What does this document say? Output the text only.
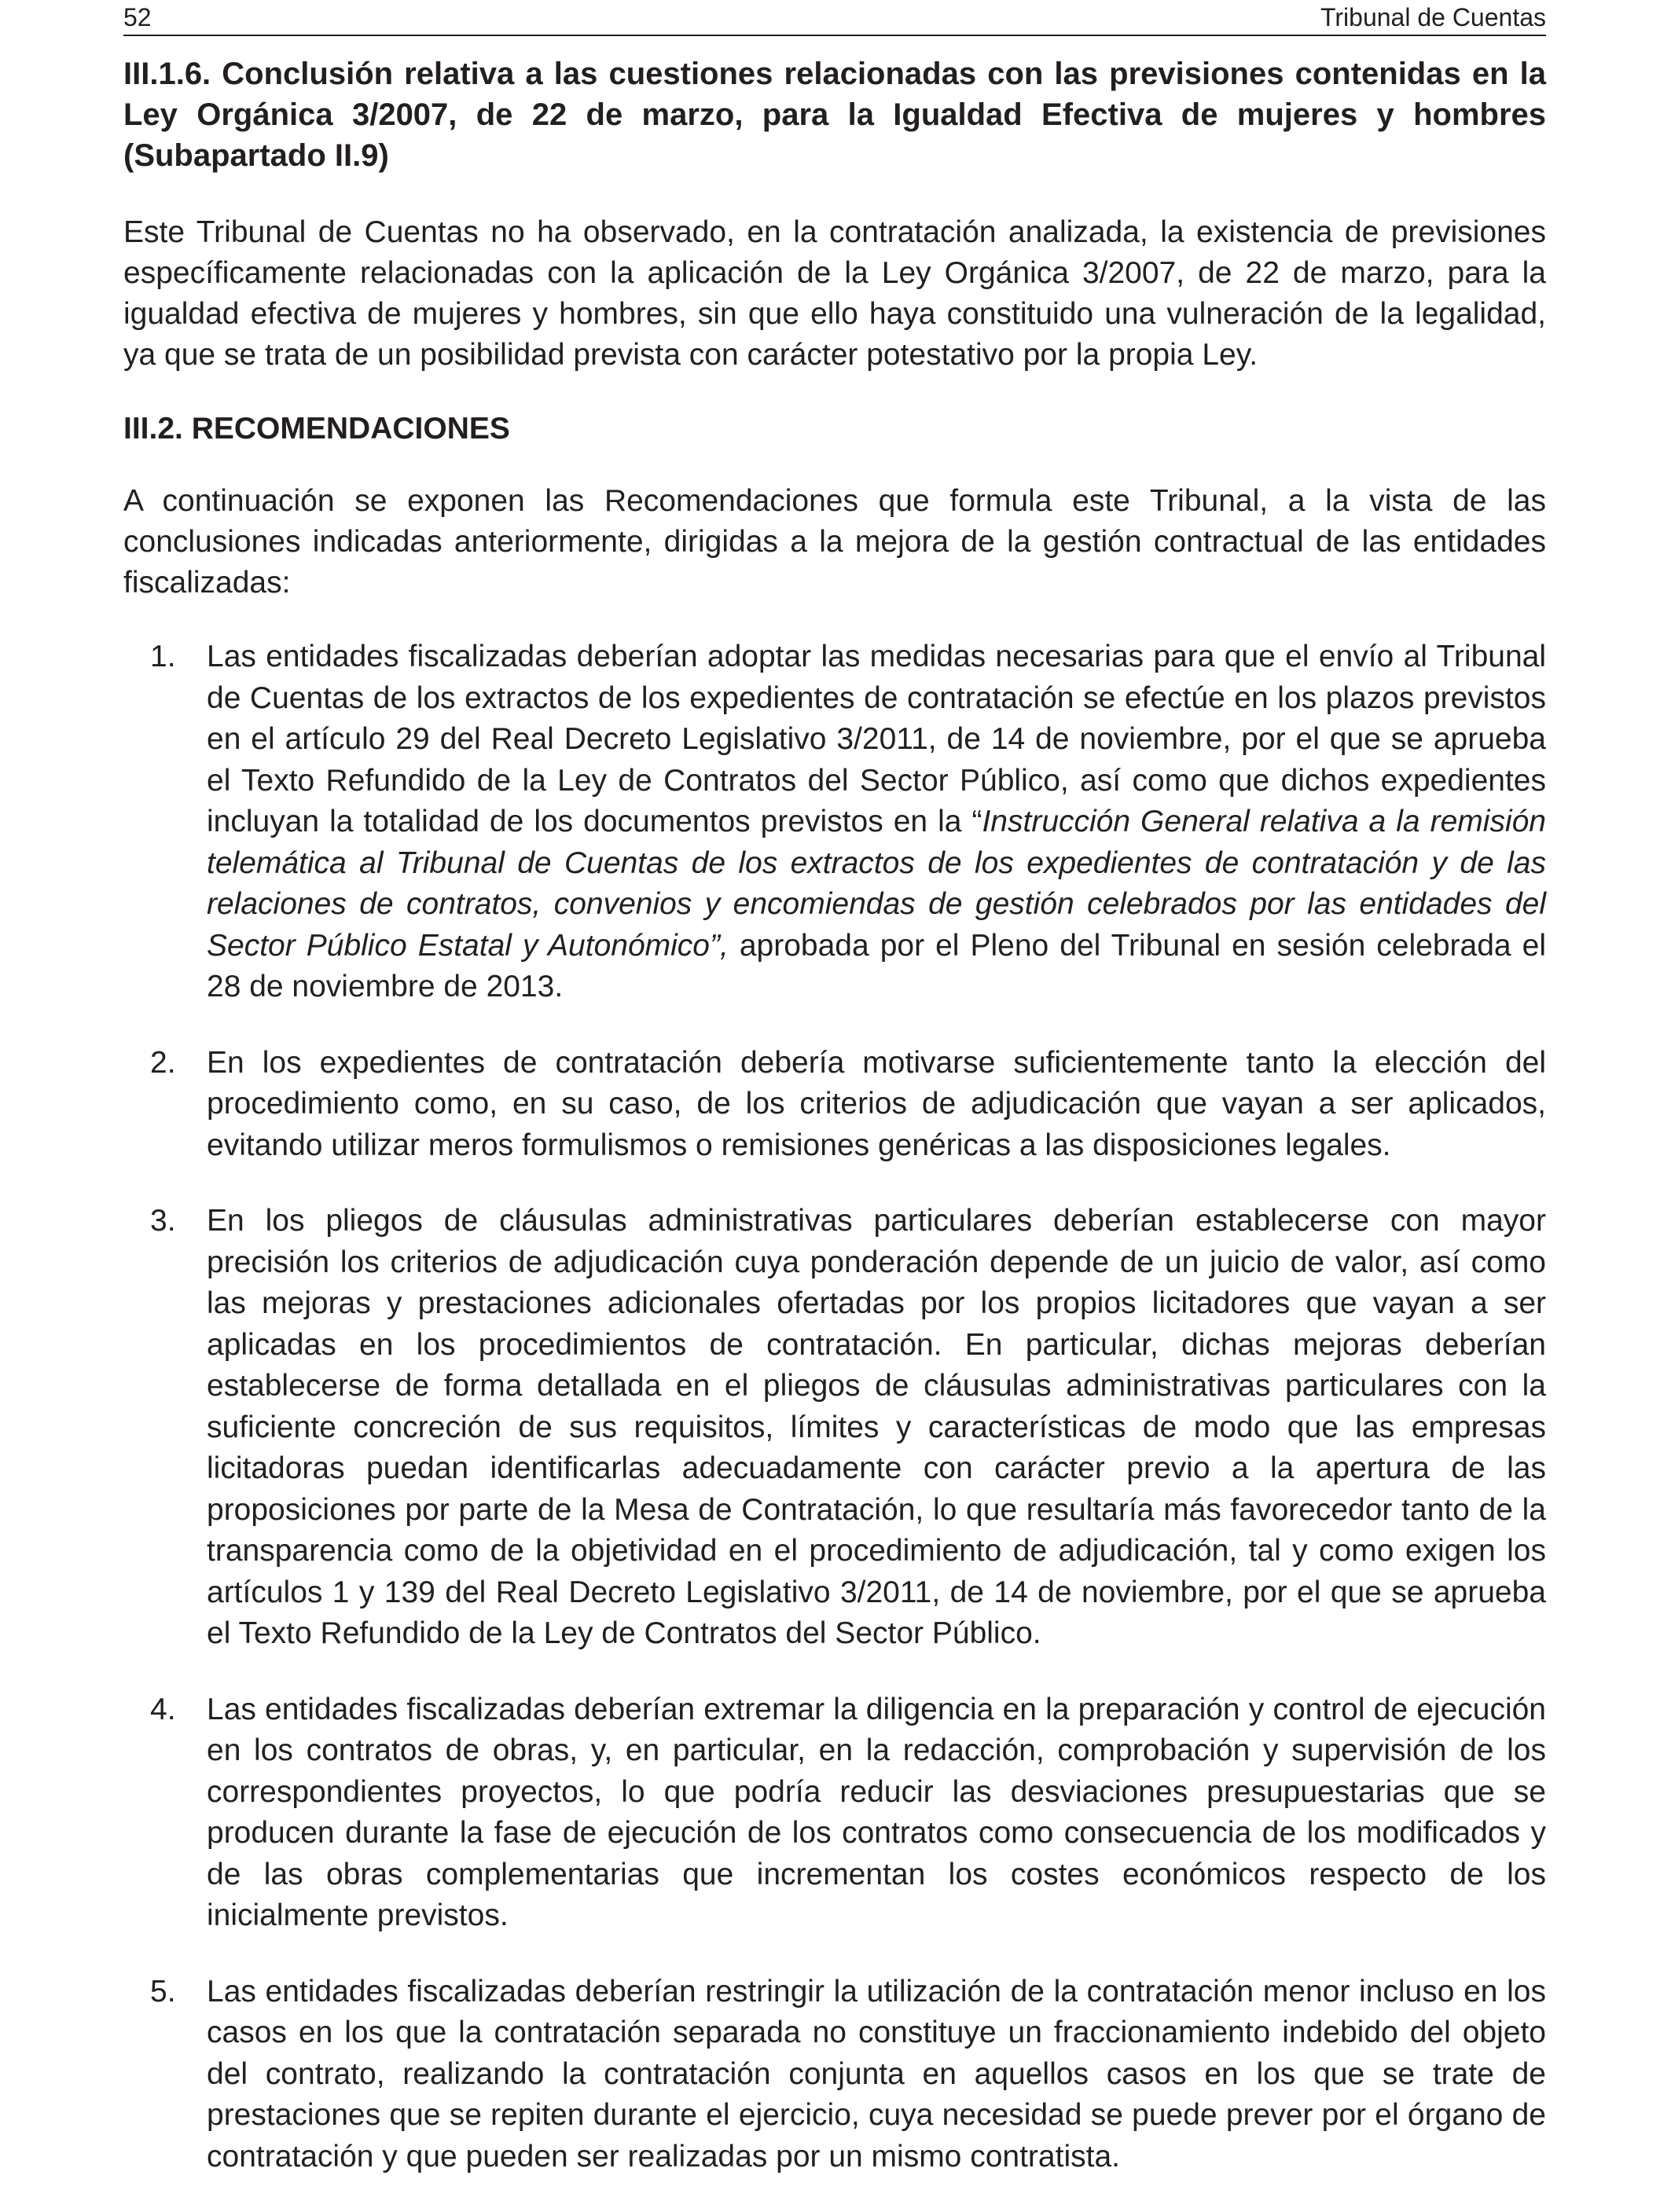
52	Tribunal de Cuentas
III.1.6. Conclusión relativa a las cuestiones relacionadas con las previsiones contenidas en la Ley Orgánica 3/2007, de 22 de marzo, para la Igualdad Efectiva de mujeres y hombres (Subapartado II.9)

Este Tribunal de Cuentas no ha observado, en la contratación analizada, la existencia de previsiones específicamente relacionadas con la aplicación de la Ley Orgánica 3/2007, de 22 de marzo, para la igualdad efectiva de mujeres y hombres, sin que ello haya constituido una vulneración de la legalidad, ya que se trata de un posibilidad prevista con carácter potestativo por la propia Ley.

III.2. RECOMENDACIONES

A continuación se exponen las Recomendaciones que formula este Tribunal, a la vista de las conclusiones indicadas anteriormente, dirigidas a la mejora de la gestión contractual de las entidades fiscalizadas:

1. Las entidades fiscalizadas deberían adoptar las medidas necesarias para que el envío al Tribunal de Cuentas de los extractos de los expedientes de contratación se efectúe en los plazos previstos en el artículo 29 del Real Decreto Legislativo 3/2011, de 14 de noviembre, por el que se aprueba el Texto Refundido de la Ley de Contratos del Sector Público, así como que dichos expedientes incluyan la totalidad de los documentos previstos en la “Instrucción General relativa a la remisión telemática al Tribunal de Cuentas de los extractos de los expedientes de contratación y de las relaciones de contratos, convenios y encomiendas de gestión celebrados por las entidades del Sector Público Estatal y Autonómico”, aprobada por el Pleno del Tribunal en sesión celebrada el 28 de noviembre de 2013.
2. En los expedientes de contratación debería motivarse suficientemente tanto la elección del procedimiento como, en su caso, de los criterios de adjudicación que vayan a ser aplicados, evitando utilizar meros formulismos o remisiones genéricas a las disposiciones legales.
3. En los pliegos de cláusulas administrativas particulares deberían establecerse con mayor precisión los criterios de adjudicación cuya ponderación depende de un juicio de valor, así como las mejoras y prestaciones adicionales ofertadas por los propios licitadores que vayan a ser aplicadas en los procedimientos de contratación. En particular, dichas mejoras deberían establecerse de forma detallada en el pliegos de cláusulas administrativas particulares con la suficiente concreción de sus requisitos, límites y características de modo que las empresas licitadoras puedan identificarlas adecuadamente con carácter previo a la apertura de las proposiciones por parte de la Mesa de Contratación, lo que resultaría más favorecedor tanto de la transparencia como de la objetividad en el procedimiento de adjudicación, tal y como exigen los artículos 1 y 139 del Real Decreto Legislativo 3/2011, de 14 de noviembre, por el que se aprueba el Texto Refundido de la Ley de Contratos del Sector Público.
4. Las entidades fiscalizadas deberían extremar la diligencia en la preparación y control de ejecución en los contratos de obras, y, en particular, en la redacción, comprobación y supervisión de los correspondientes proyectos, lo que podría reducir las desviaciones presupuestarias que se producen durante la fase de ejecución de los contratos como consecuencia de los modificados y de las obras complementarias que incrementan los costes económicos respecto de los inicialmente previstos.
5. Las entidades fiscalizadas deberían restringir la utilización de la contratación menor incluso en los casos en los que la contratación separada no constituye un fraccionamiento indebido del objeto del contrato, realizando la contratación conjunta en aquellos casos en los que se trate de prestaciones que se repiten durante el ejercicio, cuya necesidad se puede prever por el órgano de contratación y que pueden ser realizadas por un mismo contratista.
